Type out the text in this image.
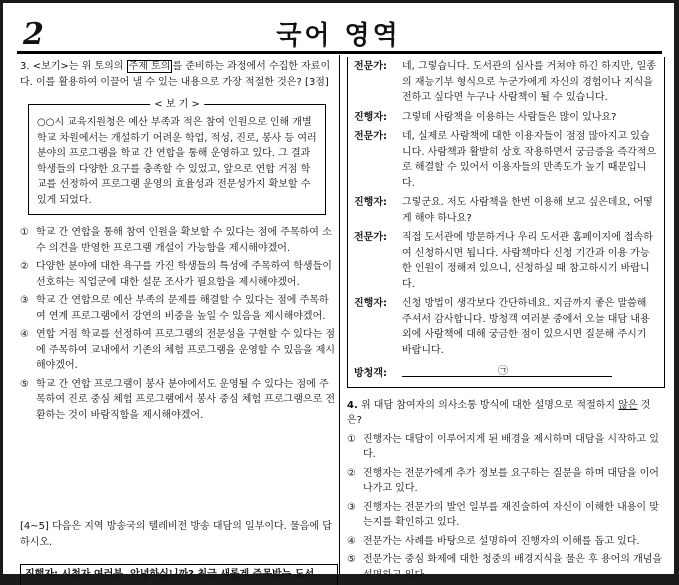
2	국어 영역

3. <보기>는 위 토의의 주제 토의 를 준비하는 과정에서 수집한 자료이다. 이를 활용하여 이끌어 낼 수 있는 내용으로 가장 적절한 것은? [3점]

< 보 기 >

○○시 교육지원청은 예산 부족과 적은 참여 인원으로 인해 개별 학교 차원에서는 개설하기 어려운 학업, 적성, 진로, 봉사 등 여러 분야의 프로그램을 학교 간 연합을 통해 운영하고 있다. 그 결과 학생들의 다양한 요구를 충족할 수 있었고, 앞으로 연합 거점 학교를 선정하여 프로그램 운영의 효율성과 전문성가지 확보할 수 있게 되었다.

① 학교 간 연합을 통해 참여 인원을 확보할 수 있다는 점에 주목하여 소수 의견을 반영한 프로그램 개설이 가능함을 제시해야겠어.
② 다양한 분야에 대한 욕구를 가진 학생들의 특성에 주목하여 학생들이 선호하는 직업군에 대한 설문 조사가 필요함을 제시해야겠어.
③ 학교 간 연합으로 예산 부족의 문제를 해결할 수 있다는 점에 주목하여 연계 프로그램에서 강연의 비중을 높일 수 있음을 제시해야겠어.
④ 연합 거점 학교를 선정하여 프로그램의 전문성을 구현할 수 있다는 점에 주목하여 교내에서 기존의 체험 프로그램을 운영할 수 있음을 제시해야겠어.
⑤ 학교 간 연합 프로그램이 봉사 분야에서도 운영될 수 있다는 점에 주목하여 진로 중심 체험 프로그램에서 봉사 중심 체험 프로그램으로 전환하는 것이 바람직함을 제시해야겠어.

[4~5] 다음은 지역 방송국의 텔레비전 방송 대담의 일부이다. 물음에 답하시오.

진행자: 시청자 여러분, 안녕하십니까? 최근 새롭게 주목받는 도서
전문가: 네, 그렇습니다. 도서관의 심사를 거쳐야 하긴 하지만, 일종의 재능기부 형식으로 누군가에게 자신의 경험이나 지식을 전하고 싶다면 누구나 사람책이 될 수 있습니다.
진행자: 그렇데 사람책을 이용하는 사람들은 많이 있나요?
전문가: 네, 실제로 사람책에 대한 이용자들이 점점 많아지고 있습니다. 사람책과 활발히 상호 작용하면서 궁금증을 즉각적으로 해결할 수 있어서 이용자들의 만족도가 높기 때문입니다.
진행자: 그렇군요. 저도 사람책을 한번 이용해 보고 싶은데요, 어떻게 해야 하나요?
전문가: 직접 도서관에 방문하거나 우리 도서관 홈페이지에 접속하여 신청하시면 됩니다. 사람책마다 신청 기간과 이용 가능한 인원이 정해져 있으니, 신청하실 때 참고하시기 바랍니다.
진행자: 신청 방법이 생각보다 간단하네요. 지금까지 좋은 말씀해 주셔서 감사합니다. 방청객 여러분 중에서 오늘 대담 내용 외에 사람책에 대해 궁금한 점이 있으시면 질문해 주시기 바랍니다.
방청객:	㉠

4. 위 대담 참여자의 의사소통 방식에 대한 설명으로 적절하지 않은 것은?

① 진행자는 대담이 이루어지게 된 배경을 제시하며 대담을 시작하고 있다.
② 진행자는 전문가에게 추가 정보를 요구하는 질문을 하며 대담을 이어나가고 있다.
③ 진행자는 전문가의 발언 일부를 재진술하여 자신이 이해한 내용이 맞는지를 확인하고 있다.
④ 전문가는 사례를 바탕으로 설명하여 진행자의 이해를 돕고 있다.
⑤ 전문가는 중심 화제에 대한 청중의 배경지식을 물은 후 용어의 개념을 설명하고 있다.
